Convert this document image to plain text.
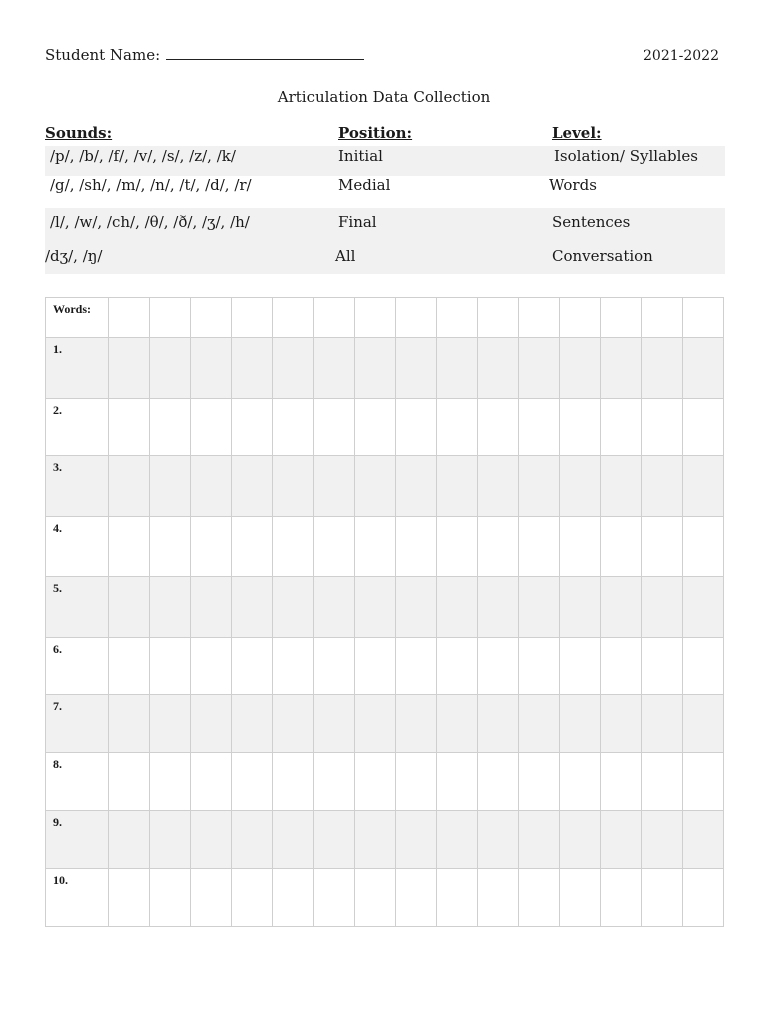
Student Name:	2021-2022
Articulation Data Collection
Sounds:	Position:	Level:
/p/, /b/, /f/, /v/, /s/, /z/, /k/	Initial	Isolation/ Syllables
/g/, /sh/, /m/, /n/, /t/, /d/, /r/	Medial	Words
/l/, /w/, /ch/, /θ/, /ð/, /ʒ/, /h/	Final	Sentences
/dʒ/, /ŋ/	All	Conversation
Words:															
1.															
2.															
3.															
4.															
5.															
6.															
7.															
8.															
9.															
10.															
